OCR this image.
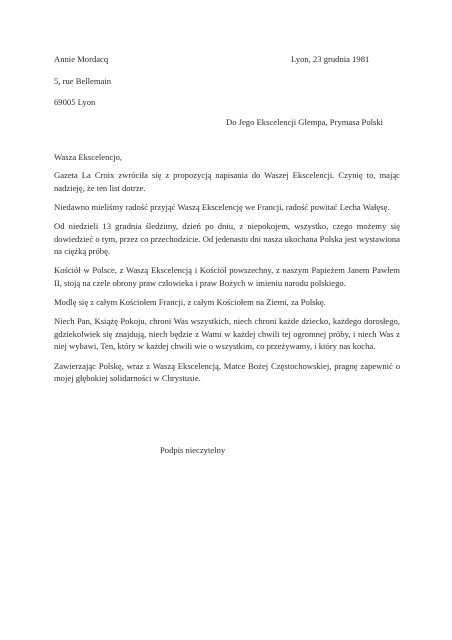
Annie Mordacq	Lyon, 23 grudnia 1981
5, rue Bellemain
69005 Lyon
Do Jego Ekscelencji Glempa, Prymasa Polski
Wasza Ekscelencjo,

Gazeta La Croix zwróciła się z propozycją napisania do Waszej Ekscelencji. Czynię to, mając nadzieję, że ten list dotrze.

Niedawno mieliśmy radość przyjąć Waszą Ekscelencję we Francji, radość powitać Lecha Wałęsę.

Od niedzieli 13 grudnia śledzimy, dzień po dniu, z niepokojem, wszystko, czego możemy się dowiedzieć o tym, przez co przechodzicie. Od jedenastu dni nasza ukochana Polska jest wystawiona na ciężką próbę.

Kościół w Polsce, z Waszą Ekscelencją i Kościół powszechny, z naszym Papieżem Janem Pawłem II, stoją na czele obrony praw człowieka i praw Bożych w imieniu narodu polskiego.

Modlę się z całym Kościołem Francji, z całym Kościołem na Ziemi, za Polskę.

Niech Pan, Książę Pokoju, chroni Was wszystkich, niech chroni każde dziecko, każdego dorosłego, gdziekolwiek się znajdują, niech będzie z Wami w każdej chwili tej ogromnej próby, i niech Was z niej wybawi, Ten, który w każdej chwili wie o wszystkim, co przeżywamy, i który nas kocha.

Zawierzając Polskę, wraz z Waszą Ekscelencją, Matce Bożej Częstochowskiej, pragnę zapewnić o mojej głębokiej solidarności w Chrystusie.

Podpis nieczytelny
